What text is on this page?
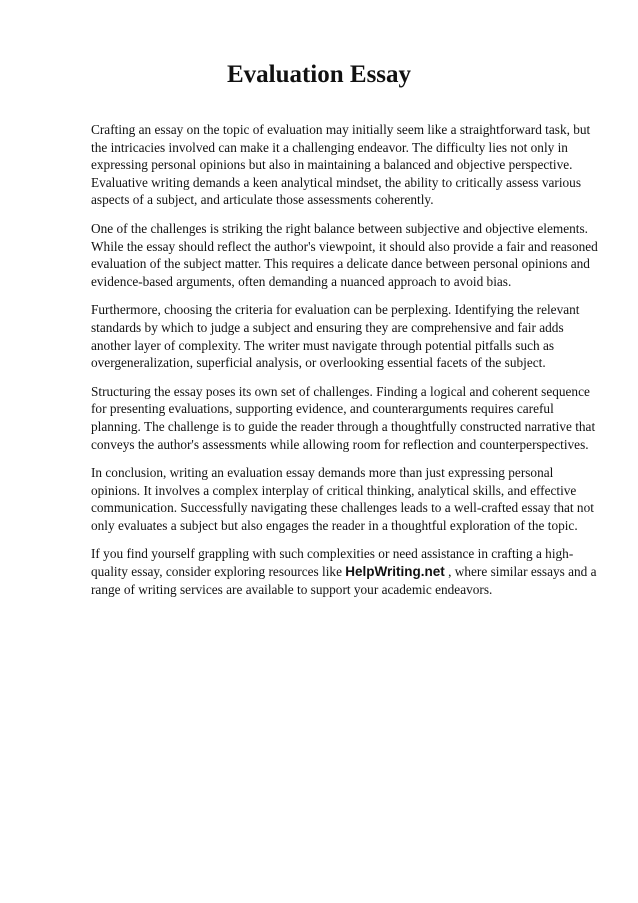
Evaluation Essay

Crafting an essay on the topic of evaluation may initially seem like a straightforward task, but the intricacies involved can make it a challenging endeavor. The difficulty lies not only in expressing personal opinions but also in maintaining a balanced and objective perspective. Evaluative writing demands a keen analytical mindset, the ability to critically assess various aspects of a subject, and articulate those assessments coherently.

One of the challenges is striking the right balance between subjective and objective elements. While the essay should reflect the author's viewpoint, it should also provide a fair and reasoned evaluation of the subject matter. This requires a delicate dance between personal opinions and evidence-based arguments, often demanding a nuanced approach to avoid bias.

Furthermore, choosing the criteria for evaluation can be perplexing. Identifying the relevant standards by which to judge a subject and ensuring they are comprehensive and fair adds another layer of complexity. The writer must navigate through potential pitfalls such as overgeneralization, superficial analysis, or overlooking essential facets of the subject.

Structuring the essay poses its own set of challenges. Finding a logical and coherent sequence for presenting evaluations, supporting evidence, and counterarguments requires careful planning. The challenge is to guide the reader through a thoughtfully constructed narrative that conveys the author's assessments while allowing room for reflection and counterperspectives.

In conclusion, writing an evaluation essay demands more than just expressing personal opinions. It involves a complex interplay of critical thinking, analytical skills, and effective communication. Successfully navigating these challenges leads to a well-crafted essay that not only evaluates a subject but also engages the reader in a thoughtful exploration of the topic.

If you find yourself grappling with such complexities or need assistance in crafting a high-quality essay, consider exploring resources like HelpWriting.net , where similar essays and a range of writing services are available to support your academic endeavors.
